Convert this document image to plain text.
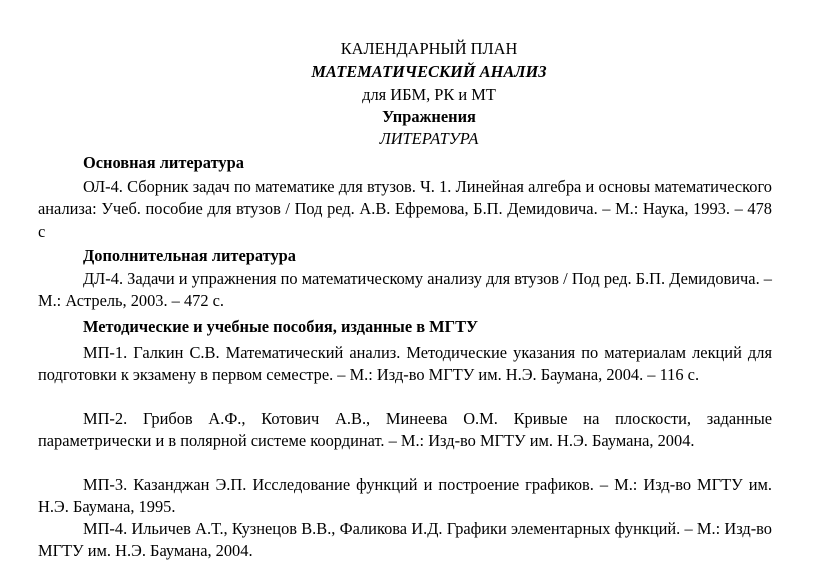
КАЛЕНДАРНЫЙ ПЛАН
МАТЕМАТИЧЕСКИЙ АНАЛИЗ
для ИБМ, РК и МТ
Упражнения
ЛИТЕРАТУРА
Основная литература
ОЛ-4. Сборник задач по математике для втузов. Ч. 1. Линейная алгебра и основы математического анализа: Учеб. пособие для втузов / Под ред. А.В. Ефремова, Б.П. Демидовича. – М.: Наука, 1993. – 478 с
Дополнительная литература
ДЛ-4. Задачи и упражнения по математическому анализу для втузов / Под ред. Б.П. Демидовича. – М.: Астрель, 2003. – 472 с.
Методические и учебные пособия, изданные в МГТУ
МП-1. Галкин С.В. Математический анализ. Методические указания по материалам лекций для подготовки к экзамену в первом семестре. – М.: Изд-во МГТУ им. Н.Э. Баумана, 2004. – 116 с.
МП-2. Грибов А.Ф., Котович А.В., Минеева О.М. Кривые на плоскости, заданные параметрически и в полярной системе координат. – М.: Изд-во МГТУ им. Н.Э. Баумана, 2004.
МП-3. Казанджан Э.П. Исследование функций и построение графиков. – М.: Изд-во МГТУ им. Н.Э. Баумана, 1995.
МП-4. Ильичев А.Т., Кузнецов В.В., Фаликова И.Д. Графики элементарных функций. – М.: Изд-во МГТУ им. Н.Э. Баумана, 2004.
